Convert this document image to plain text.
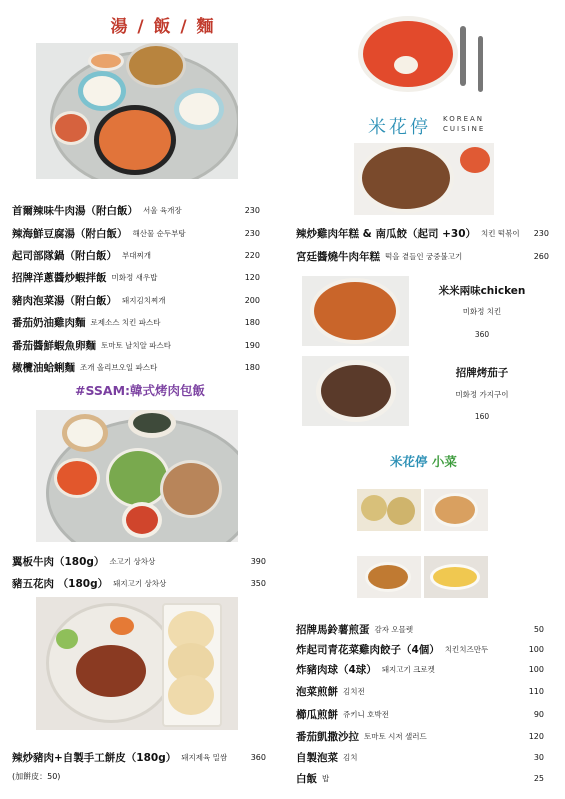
湯 / 飯 / 麵
首爾辣味牛肉湯（附白飯） 서울 육개장	230
辣海鮮豆腐湯（附白飯） 해산물 순두부탕	230
起司部隊鍋（附白飯） 부대찌개	220
招牌洋蔥醬炒蝦拌飯 미화정 새우밥	120
豬肉泡菜湯（附白飯） 돼지김치찌개	200
番茄奶油雞肉麵 로제소스 치킨 파스타	180
番茄醬鮮蝦魚卵麵 토마토 날치알 파스타	190
橄欖油蛤蜊麵 조개 올리브오일 파스타	180
#SSAM:韓式烤肉包飯
翼板牛肉（180g） 소고기 상차상	390
豬五花肉 （180g） 돼지고기 상차상	350
辣炒豬肉+自製手工餅皮（180g） 돼지제육 밀쌈	360
(加餅皮：50)
米花停 KOREAN
CUISINE
辣炒雞肉年糕 & 南瓜餃（起司 +30） 치킨 떡볶이	230
宮廷醬燒牛肉年糕 떡을 곁들인 궁중불고기	260
米米兩味chicken
미화정 치킨
360
招牌烤茄子
미화정 가지구이
160
米花停 小菜
招牌馬鈴薯煎蛋 감자 오믈렛	50
炸起司青花菜雞肉餃子（4個） 치킨치즈만두	100
炸豬肉球（4球） 돼지고기 크로켓	100
泡菜煎餅 김치전	110
櫛瓜煎餅 쥬키니 호박전	90
番茄凱撒沙拉 토마토 시저 샐러드	120
自製泡菜 김치	30
白飯 밥	25
